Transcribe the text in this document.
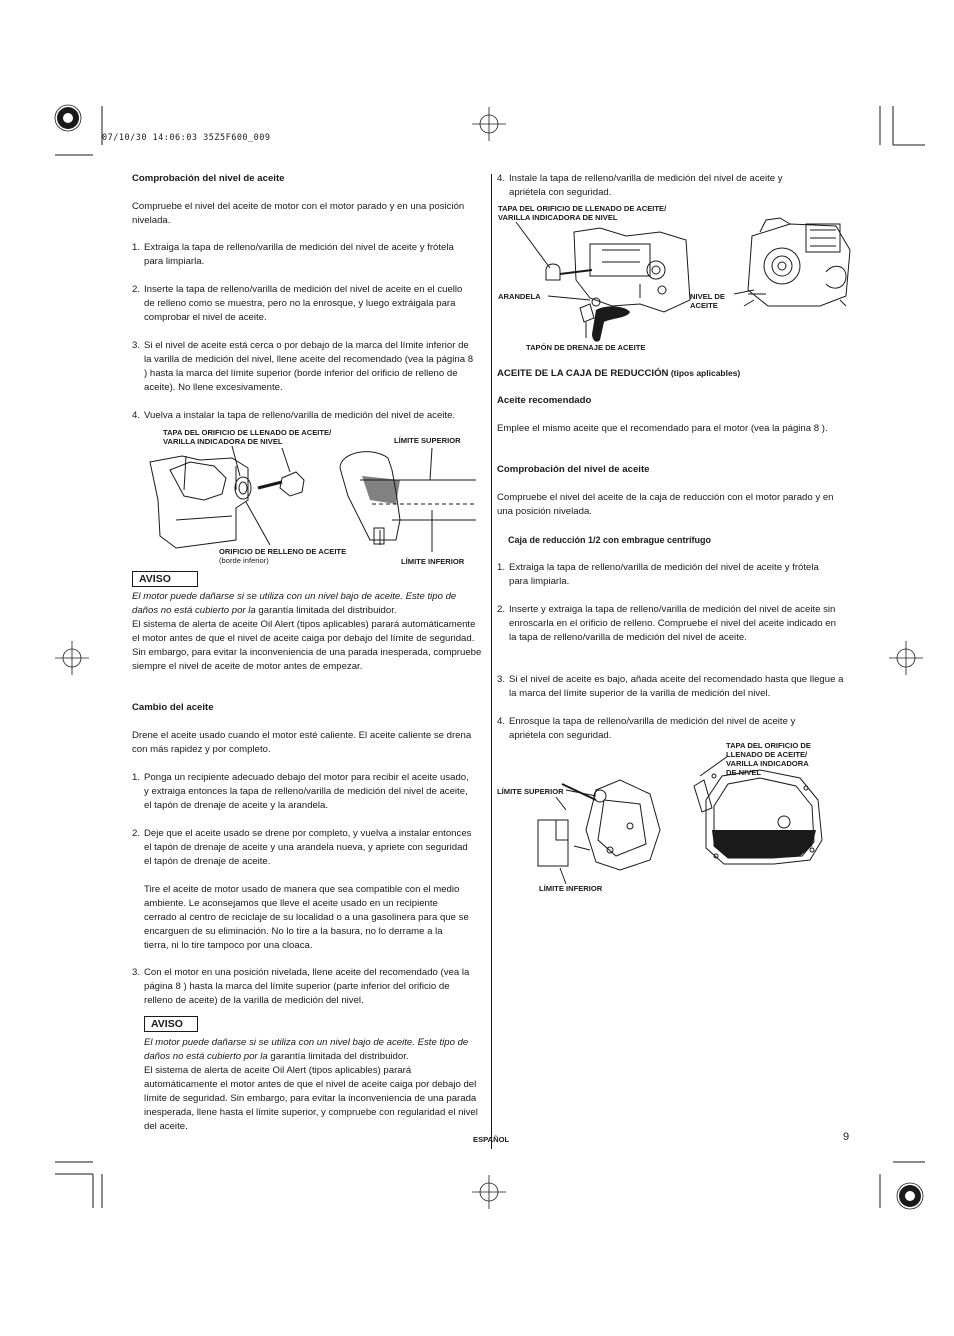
07/10/30 14:06:03 35Z5F600_009
Comprobación del nivel de aceite
Compruebe el nivel del aceite de motor con el motor parado y en una posición nivelada.
1. Extraiga la tapa de relleno/varilla de medición del nivel de aceite y frótela para limpiarla.
2. Inserte la tapa de relleno/varilla de medición del nivel de aceite en el cuello de relleno como se muestra, pero no la enrosque, y luego extráigala para comprobar el nivel de aceite.
3. Si el nivel de aceite está cerca o por debajo de la marca del límite inferior de la varilla de medición del nivel, llene aceite del recomendado (vea la página 8 ) hasta la marca del límite superior (borde inferior del orificio de relleno de aceite). No llene excesivamente.
4. Vuelva a instalar la tapa de relleno/varilla de medición del nivel de aceite.
TAPA DEL ORIFICIO DE LLENADO DE ACEITE/
VARILLA INDICADORA DE NIVEL	LÍMITE SUPERIOR
ORIFICIO DE RELLENO DE ACEITE
(borde inferior)	LÍMITE INFERIOR
AVISO
El motor puede dañarse si se utiliza con un nivel bajo de aceite. Este tipo de daños no está cubierto por la garantía limitada del distribuidor.
El sistema de alerta de aceite Oil Alert (tipos aplicables) parará automáticamente el motor antes de que el nivel de aceite caiga por debajo del límite de seguridad. Sin embargo, para evitar la inconveniencia de una parada inesperada, compruebe siempre el nivel de aceite de motor antes de empezar.
Cambio del aceite
Drene el aceite usado cuando el motor esté caliente. El aceite caliente se drena con más rapidez y por completo.
1. Ponga un recipiente adecuado debajo del motor para recibir el aceite usado, y extraiga entonces la tapa de relleno/varilla de medición del nivel de aceite, el tapón de drenaje de aceite y la arandela.
2. Deje que el aceite usado se drene por completo, y vuelva a instalar entonces el tapón de drenaje de aceite y una arandela nueva, y apriete con seguridad el tapón de drenaje de aceite.
Tire el aceite de motor usado de manera que sea compatible con el medio ambiente. Le aconsejamos que lleve el aceite usado en un recipiente cerrado al centro de reciclaje de su localidad o a una gasolinera para que se encarguen de su eliminación. No lo tire a la basura, no lo derrame a la tierra, ni lo tire tampoco por una cloaca.
3. Con el motor en una posición nivelada, llene aceite del recomendado (vea la página 8 ) hasta la marca del límite superior (parte inferior del orificio de relleno de aceite) de la varilla de medición del nivel.
AVISO
El motor puede dañarse si se utiliza con un nivel bajo de aceite. Este tipo de daños no está cubierto por la garantía limitada del distribuidor.
El sistema de alerta de aceite Oil Alert (tipos aplicables) parará automáticamente el motor antes de que el nivel de aceite caiga por debajo del límite de seguridad. Sin embargo, para evitar la inconveniencia de una parada inesperada, llene hasta el límite superior, y compruebe con regularidad el nivel del aceite.
4. Instale la tapa de relleno/varilla de medición del nivel de aceite y apriétela con seguridad.
TAPA DEL ORIFICIO DE LLENADO DE ACEITE/
VARILLA INDICADORA DE NIVEL
ARANDELA	NIVEL DE
ACEITE
TAPÓN DE DRENAJE DE ACEITE
ACEITE DE LA CAJA DE REDUCCIÓN (tipos aplicables)
Aceite recomendado
Emplee el mismo aceite que el recomendado para el motor (vea la página 8 ).
Comprobación del nivel de aceite
Compruebe el nivel del aceite de la caja de reducción con el motor parado y en una posición nivelada.
Caja de reducción 1/2 con embrague centrífugo
1. Extraiga la tapa de relleno/varilla de medición del nivel de aceite y frótela para limpiarla.
2. Inserte y extraiga la tapa de relleno/varilla de medición del nivel de aceite sin enroscarla en el orificio de relleno. Compruebe el nivel del aceite indicado en la tapa de relleno/varilla de medición del nivel de aceite.
3. Si el nivel de aceite es bajo, añada aceite del recomendado hasta que llegue a la marca del límite superior de la varilla de medición del nivel.
4. Enrosque la tapa de relleno/varilla de medición del nivel de aceite y apriétela con seguridad.
TAPA DEL ORIFICIO DE
LLENADO DE ACEITE/
VARILLA INDICADORA
DE NIVEL
LÍMITE SUPERIOR
LÍMITE INFERIOR
ESPAÑOL	9
